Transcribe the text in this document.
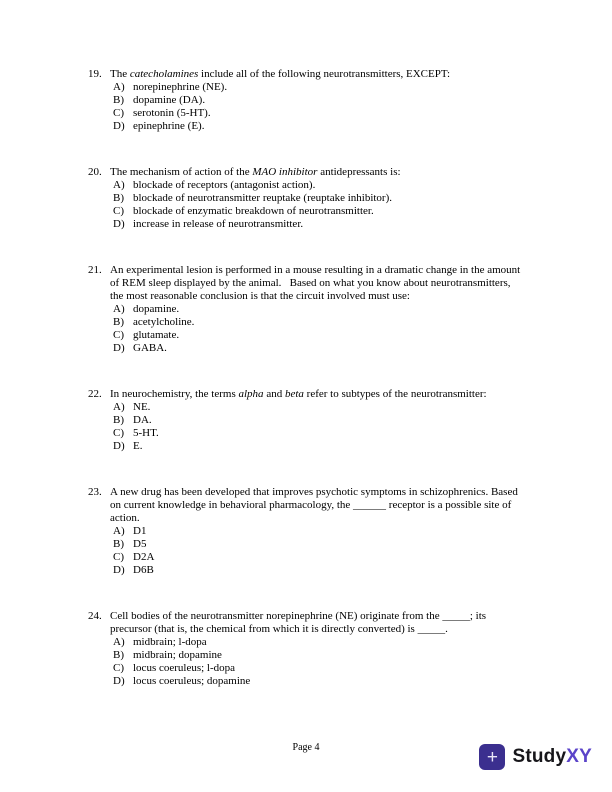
19. The catecholamines include all of the following neurotransmitters, EXCEPT:
A) norepinephrine (NE).
B) dopamine (DA).
C) serotonin (5-HT).
D) epinephrine (E).
20. The mechanism of action of the MAO inhibitor antidepressants is:
A) blockade of receptors (antagonist action).
B) blockade of neurotransmitter reuptake (reuptake inhibitor).
C) blockade of enzymatic breakdown of neurotransmitter.
D) increase in release of neurotransmitter.
21. An experimental lesion is performed in a mouse resulting in a dramatic change in the amount of REM sleep displayed by the animal.   Based on what you know about neurotransmitters, the most reasonable conclusion is that the circuit involved must use:
A) dopamine.
B) acetylcholine.
C) glutamate.
D) GABA.
22. In neurochemistry, the terms alpha and beta refer to subtypes of the neurotransmitter:
A) NE.
B) DA.
C) 5-HT.
D) E.
23. A new drug has been developed that improves psychotic symptoms in schizophrenics. Based on current knowledge in behavioral pharmacology, the ______ receptor is a possible site of action.
A) D1
B) D5
C) D2A
D) D6B
24. Cell bodies of the neurotransmitter norepinephrine (NE) originate from the _____; its precursor (that is, the chemical from which it is directly converted) is _____.
A) midbrain; l-dopa
B) midbrain; dopamine
C) locus coeruleus; l-dopa
D) locus coeruleus; dopamine
Page 4	+ StudyXY
